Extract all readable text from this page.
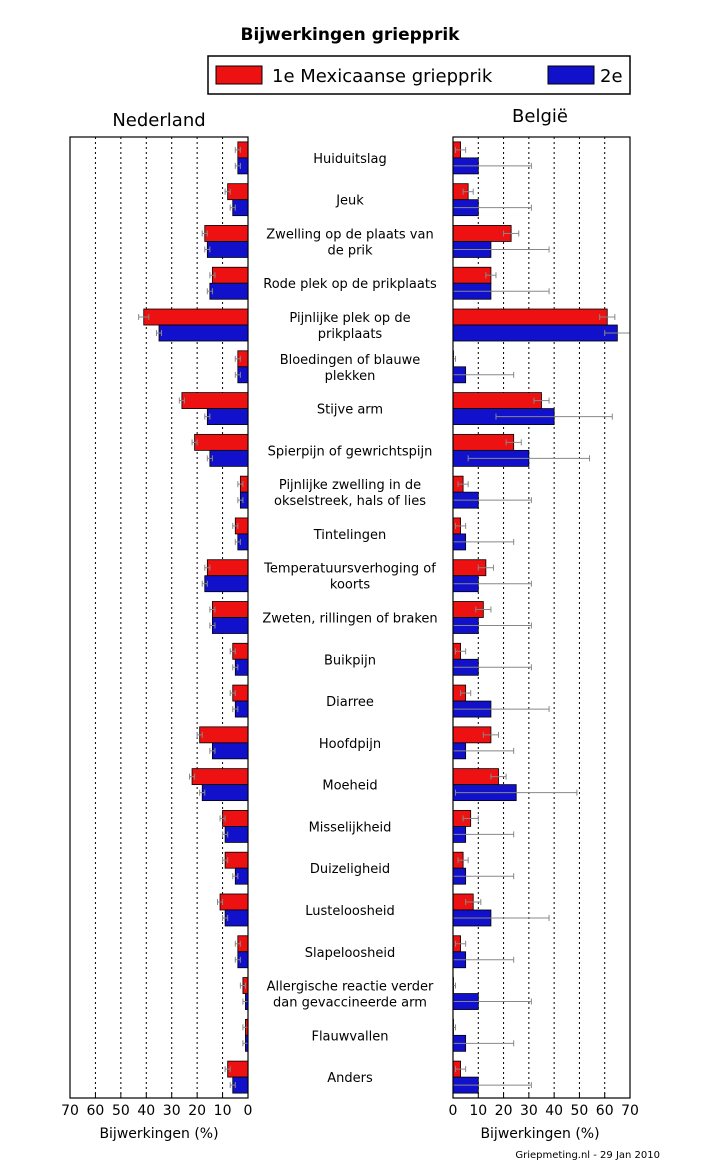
Bijwerkingen griepprik
1e Mexicaanse griepprik	2e
Nederland	België
70 60 50 40 30 20 10 0	0 10 20 30 40 50 60 70
Huiduitslag
Jeuk
Zwelling op de plaats van de prik
Rode plek op de prikplaats
Pijnlijke plek op de prikplaats
Bloedingen of blauwe plekken
Stijve arm
Spierpijn of gewrichtspijn
Pijnlijke zwelling in de okselstreek, hals of lies
Tintelingen
Temperatuursverhoging of koorts
Zweten, rillingen of braken
Buikpijn
Diarree
Hoofdpijn
Moeheid
Misselijkheid
Duizeligheid
Lusteloosheid
Slapeloosheid
Allergische reactie verder dan gevaccineerde arm
Flauwvallen
Anders
Bijwerkingen (%)	Bijwerkingen (%)
Griepmeting.nl - 29 Jan 2010
